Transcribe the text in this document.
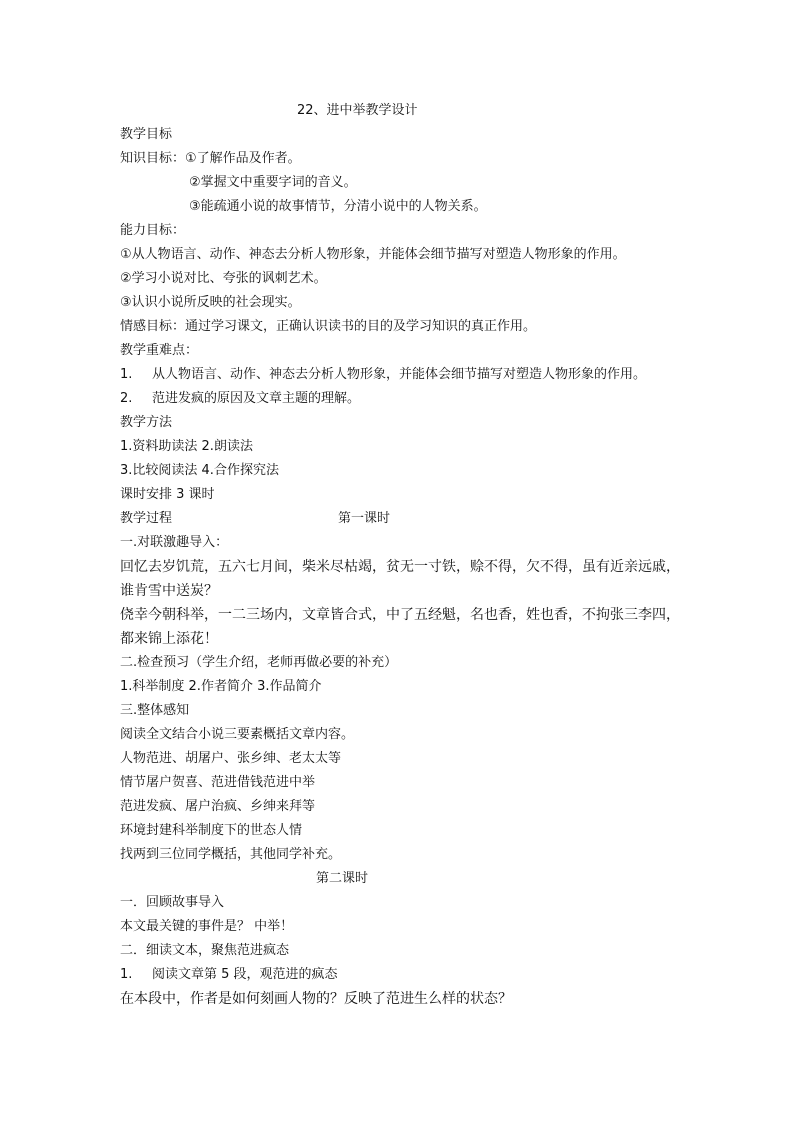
22、进中举教学设计
教学目标
知识目标：①了解作品及作者。
②掌握文中重要字词的音义。
③能疏通小说的故事情节，分清小说中的人物关系。
能力目标：
①从人物语言、动作、神态去分析人物形象，并能体会细节描写对塑造人物形象的作用。
②学习小说对比、夸张的讽刺艺术。
③认识小说所反映的社会现实。
情感目标：通过学习课文，正确认识读书的目的及学习知识的真正作用。
教学重难点：
1. 从人物语言、动作、神态去分析人物形象，并能体会细节描写对塑造人物形象的作用。
2. 范进发疯的原因及文章主题的理解。
教学方法
1.资料助读法 2.朗读法
3.比较阅读法 4.合作探究法
课时安排 3 课时
教学过程	第一课时
一.对联激趣导入：
回忆去岁饥荒，五六七月间，柴米尽枯竭，贫无一寸铁，赊不得，欠不得，虽有近亲远戚，
谁肯雪中送炭？
侥幸今朝科举，一二三场内，文章皆合式，中了五经魁，名也香，姓也香，不拘张三李四，
都来锦上添花！
二.检查预习（学生介绍，老师再做必要的补充）
1.科举制度 2.作者简介 3.作品简介
三.整体感知
阅读全文结合小说三要素概括文章内容。
人物范进、胡屠户、张乡绅、老太太等
情节屠户贺喜、范进借钱范进中举
范进发疯、屠户治疯、乡绅来拜等
环境封建科举制度下的世态人情
找两到三位同学概括，其他同学补充。
第二课时
一．回顾故事导入
本文最关键的事件是？ 中举！
二．细读文本，聚焦范进疯态
1. 阅读文章第 5 段，观范进的疯态
在本段中，作者是如何刻画人物的？反映了范进生么样的状态？
